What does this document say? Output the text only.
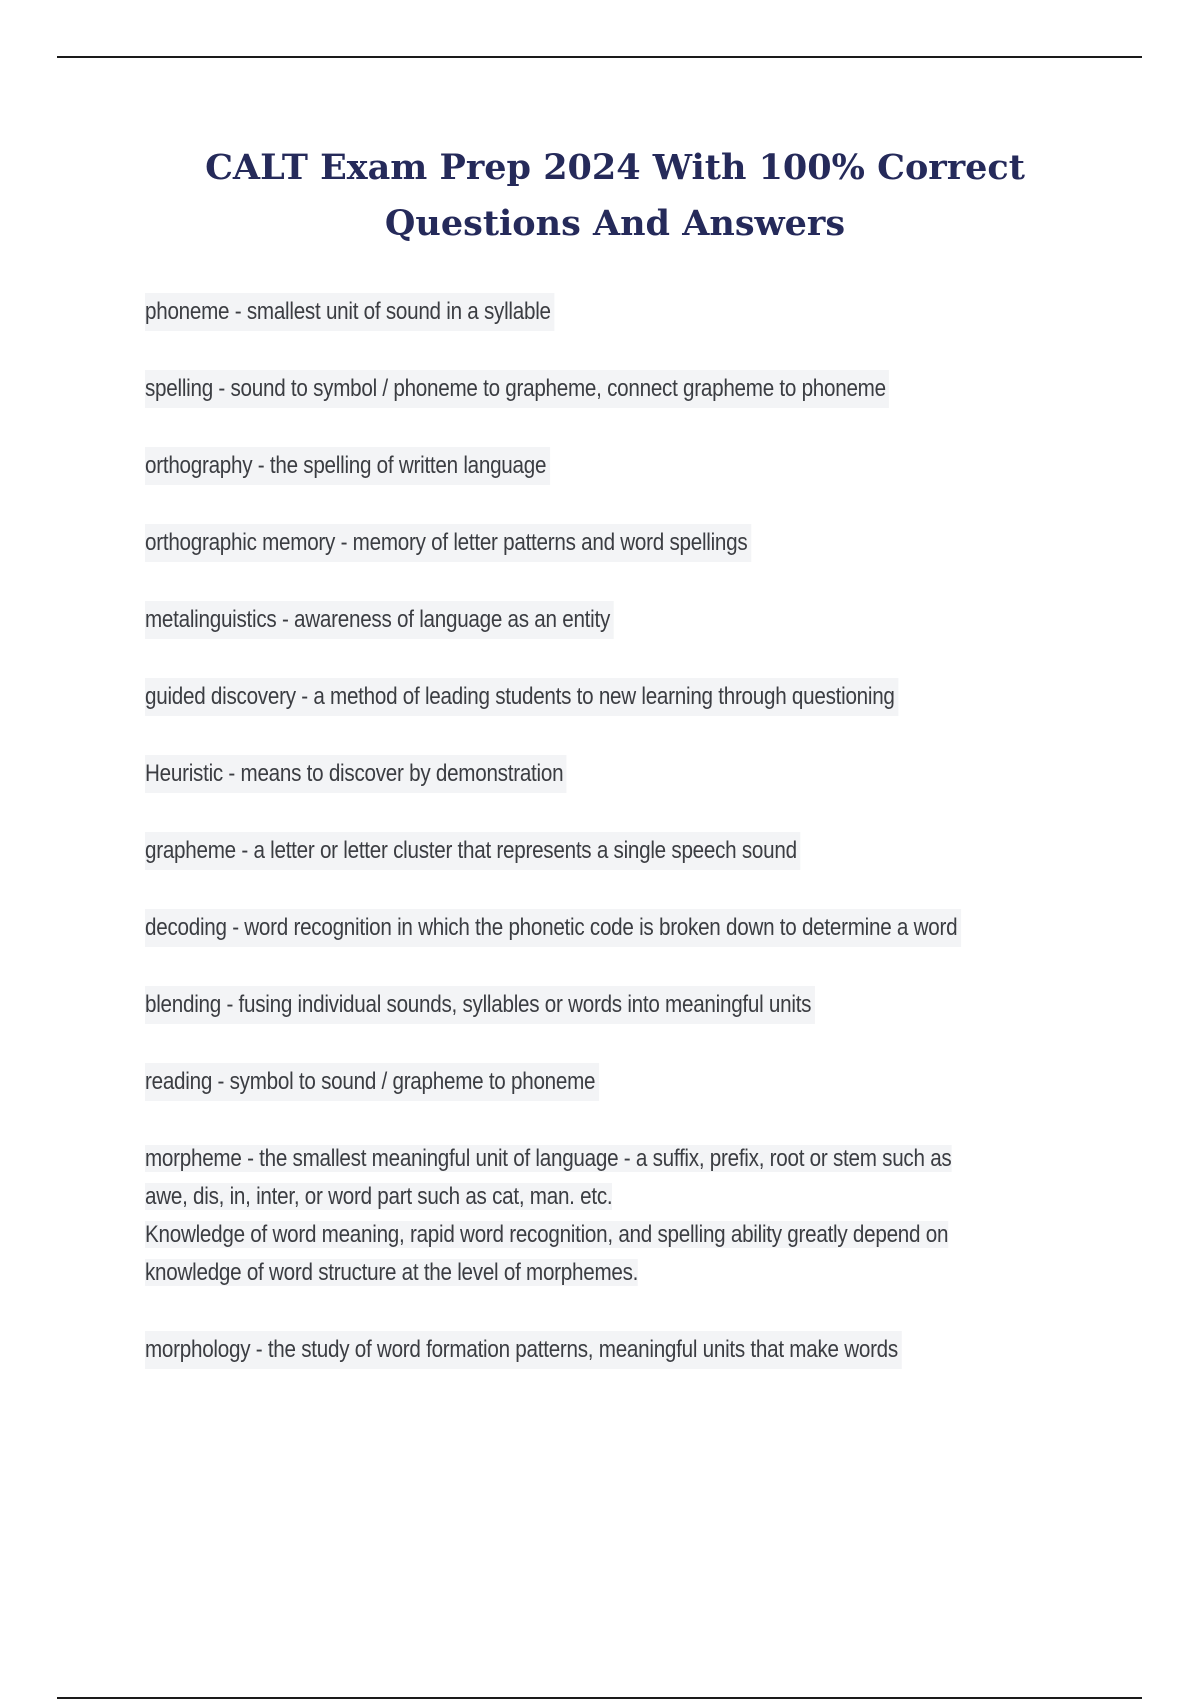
CALT Exam Prep 2024 With 100% Correct
Questions And Answers
phoneme - smallest unit of sound in a syllable
spelling - sound to symbol / phoneme to grapheme, connect grapheme to phoneme
orthography - the spelling of written language
orthographic memory - memory of letter patterns and word spellings
metalinguistics - awareness of language as an entity
guided discovery - a method of leading students to new learning through questioning
Heuristic - means to discover by demonstration
grapheme - a letter or letter cluster that represents a single speech sound
decoding - word recognition in which the phonetic code is broken down to determine a word
blending - fusing individual sounds, syllables or words into meaningful units
reading - symbol to sound / grapheme to phoneme
morpheme - the smallest meaningful unit of language - a suffix, prefix, root or stem such as
awe, dis, in, inter, or word part such as cat, man. etc.
Knowledge of word meaning, rapid word recognition, and spelling ability greatly depend on
knowledge of word structure at the level of morphemes.
morphology - the study of word formation patterns, meaningful units that make words
